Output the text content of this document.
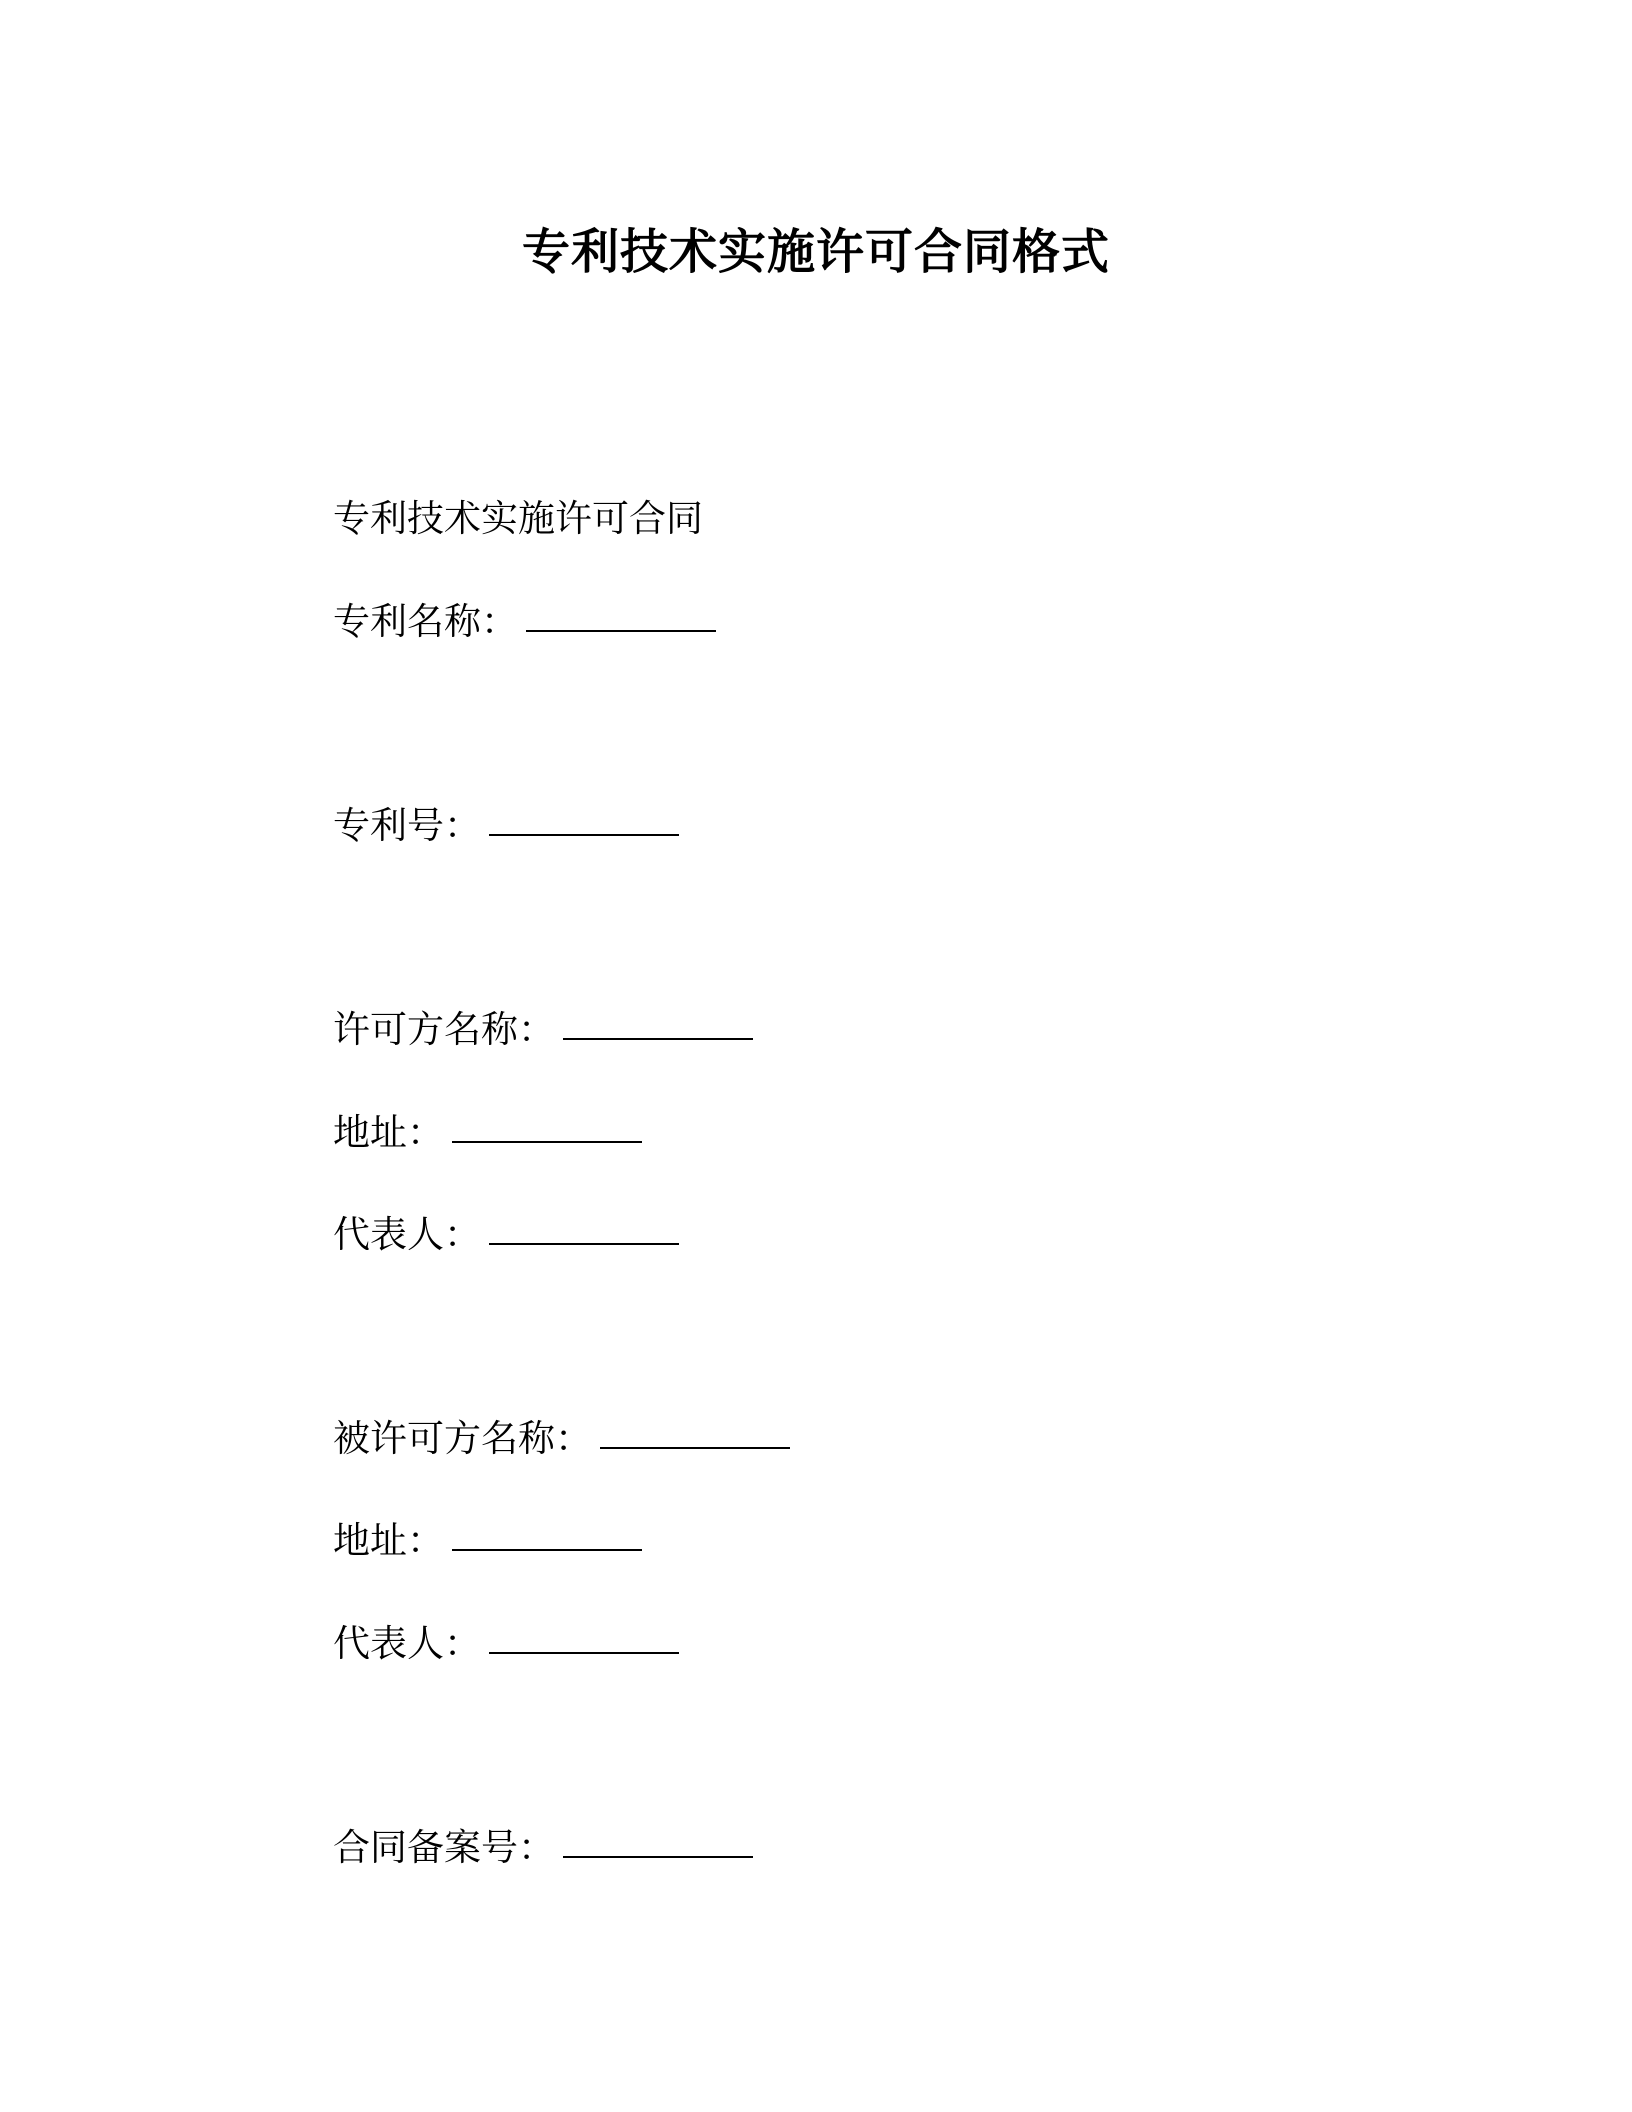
专利技术实施许可合同格式

专利技术实施许可合同

专利名称：

专利号：

许可方名称：

地址：

代表人：

被许可方名称：

地址：

代表人：

合同备案号：
